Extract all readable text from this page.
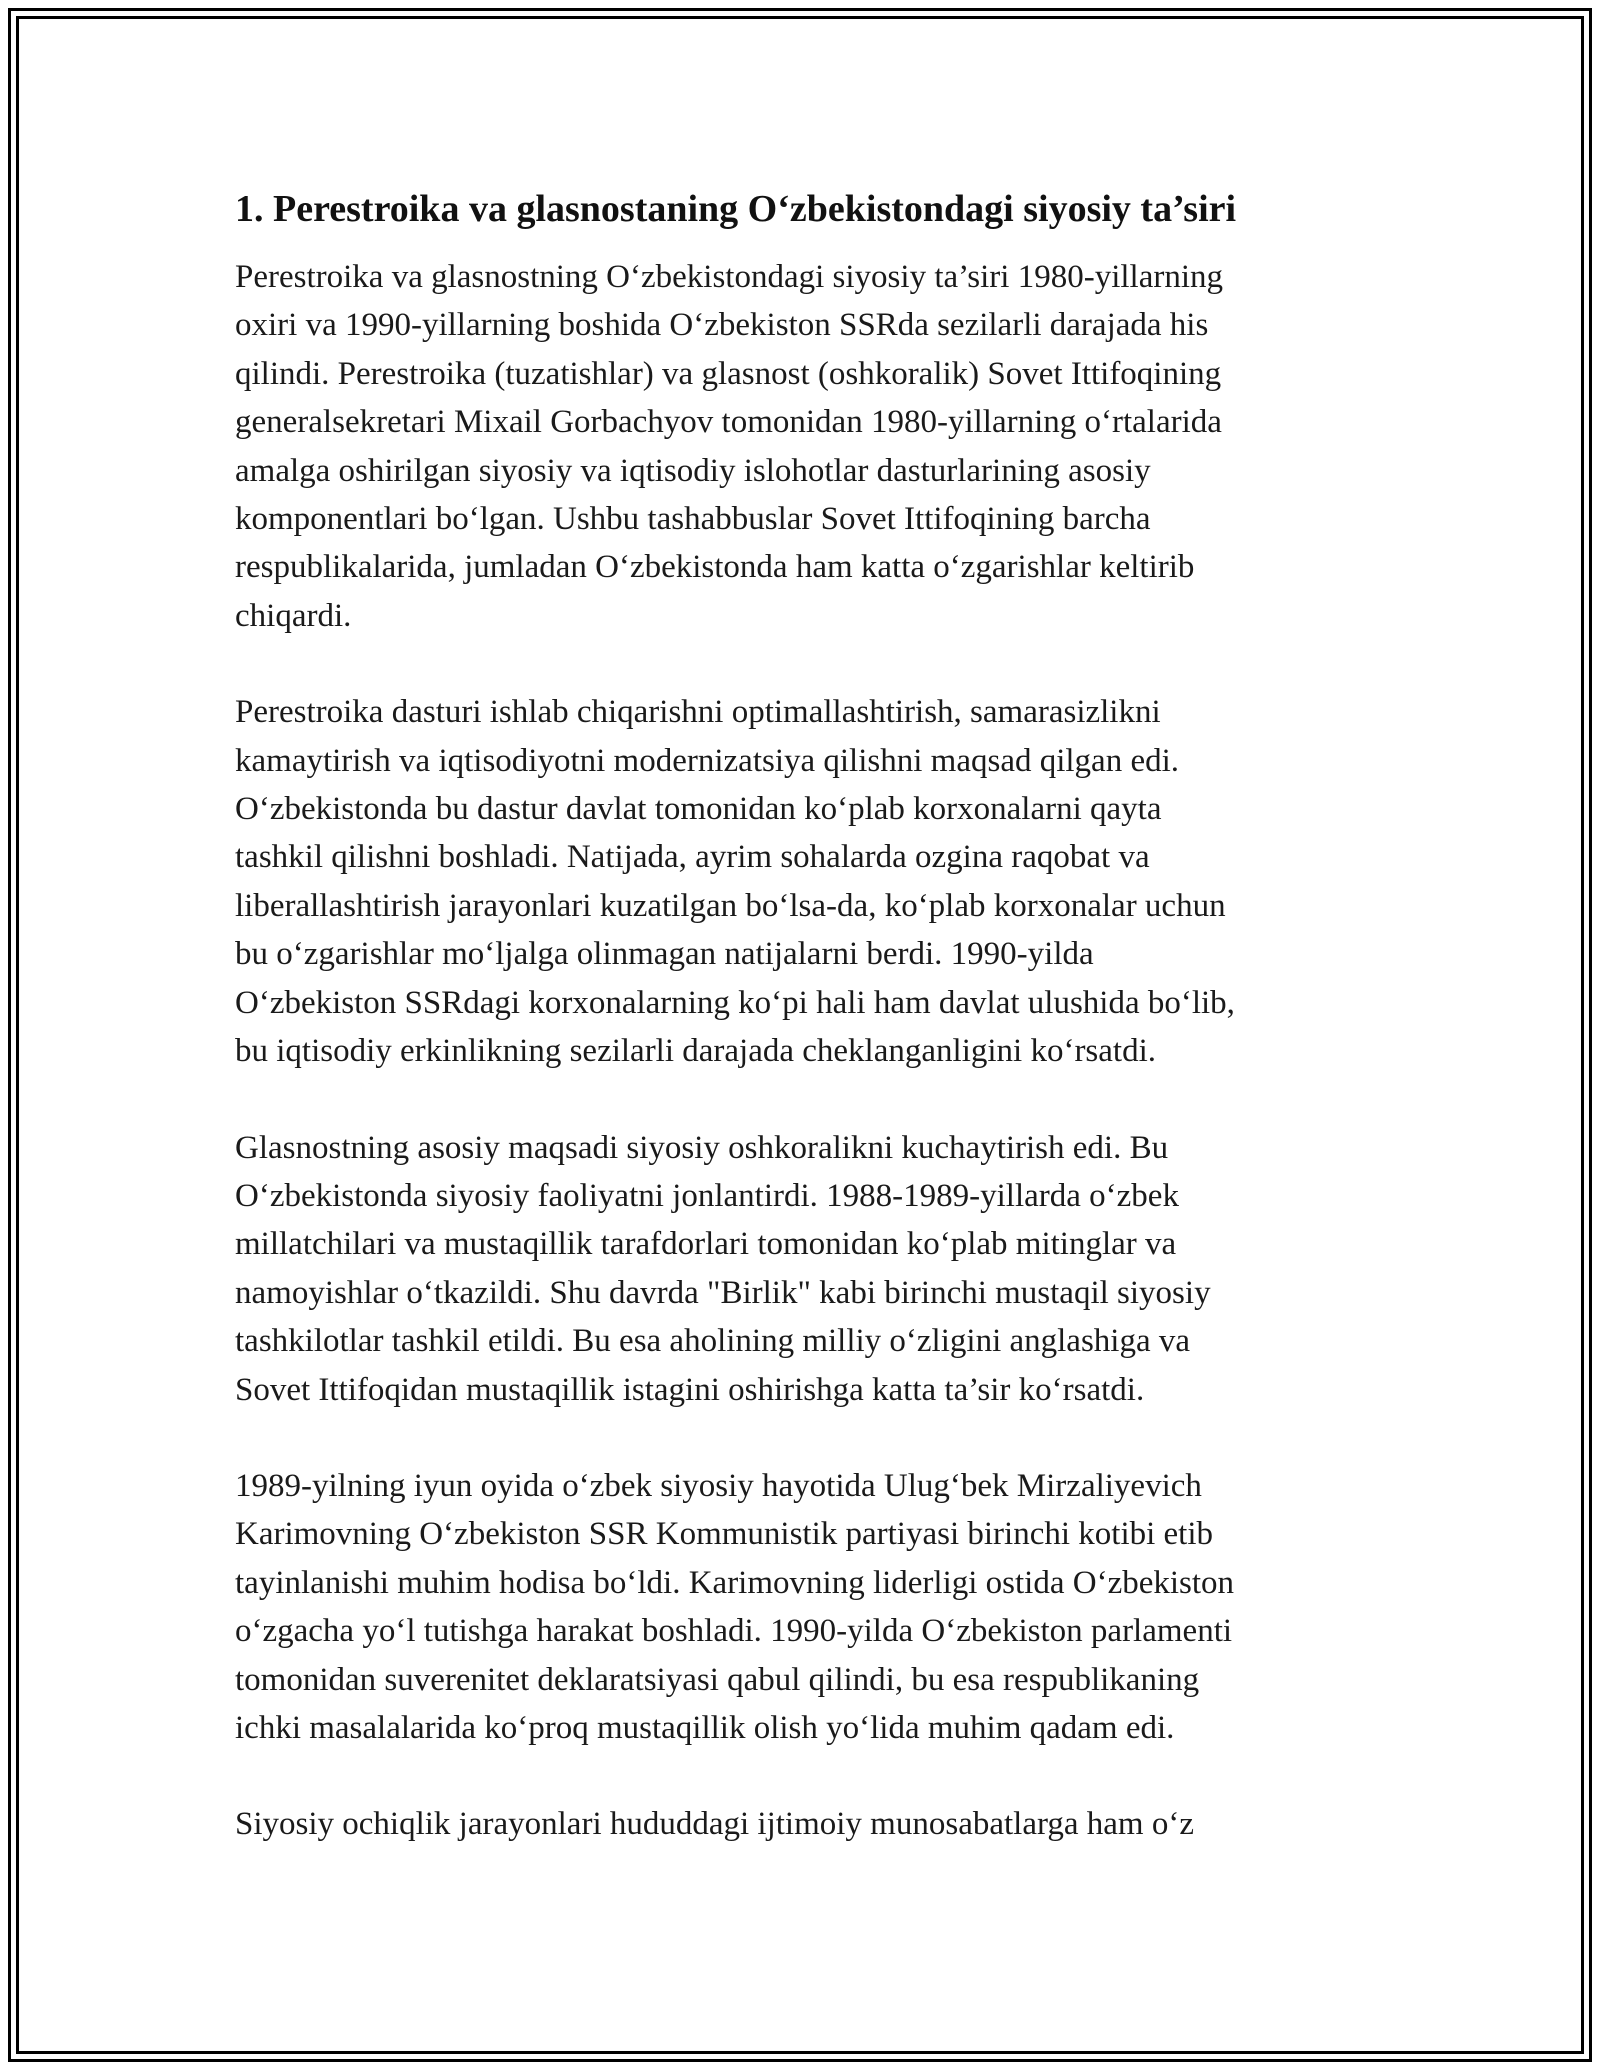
1. Perestroika va glasnostaning O‘zbekistondagi siyosiy ta’siri

Perestroika va glasnostning O‘zbekistondagi siyosiy ta’siri 1980-yillarning
oxiri va 1990-yillarning boshida O‘zbekiston SSRda sezilarli darajada his
qilindi. Perestroika (tuzatishlar) va glasnost (oshkoralik) Sovet Ittifoqining
generalsekretari Mixail Gorbachyov tomonidan 1980-yillarning o‘rtalarida
amalga oshirilgan siyosiy va iqtisodiy islohotlar dasturlarining asosiy
komponentlari bo‘lgan. Ushbu tashabbuslar Sovet Ittifoqining barcha
respublikalarida, jumladan O‘zbekistonda ham katta o‘zgarishlar keltirib
chiqardi.

Perestroika dasturi ishlab chiqarishni optimallashtirish, samarasizlikni
kamaytirish va iqtisodiyotni modernizatsiya qilishni maqsad qilgan edi.
O‘zbekistonda bu dastur davlat tomonidan ko‘plab korxonalarni qayta
tashkil qilishni boshladi. Natijada, ayrim sohalarda ozgina raqobat va
liberallashtirish jarayonlari kuzatilgan bo‘lsa-da, ko‘plab korxonalar uchun
bu o‘zgarishlar mo‘ljalga olinmagan natijalarni berdi. 1990-yilda
O‘zbekiston SSRdagi korxonalarning ko‘pi hali ham davlat ulushida bo‘lib,
bu iqtisodiy erkinlikning sezilarli darajada cheklanganligini ko‘rsatdi.

Glasnostning asosiy maqsadi siyosiy oshkoralikni kuchaytirish edi. Bu
O‘zbekistonda siyosiy faoliyatni jonlantirdi. 1988-1989-yillarda o‘zbek
millatchilari va mustaqillik tarafdorlari tomonidan ko‘plab mitinglar va
namoyishlar o‘tkazildi. Shu davrda "Birlik" kabi birinchi mustaqil siyosiy
tashkilotlar tashkil etildi. Bu esa aholining milliy o‘zligini anglashiga va
Sovet Ittifoqidan mustaqillik istagini oshirishga katta ta’sir ko‘rsatdi.

1989-yilning iyun oyida o‘zbek siyosiy hayotida Ulug‘bek Mirzaliyevich
Karimovning O‘zbekiston SSR Kommunistik partiyasi birinchi kotibi etib
tayinlanishi muhim hodisa bo‘ldi. Karimovning liderligi ostida O‘zbekiston
o‘zgacha yo‘l tutishga harakat boshladi. 1990-yilda O‘zbekiston parlamenti
tomonidan suverenitet deklaratsiyasi qabul qilindi, bu esa respublikaning
ichki masalalarida ko‘proq mustaqillik olish yo‘lida muhim qadam edi.

Siyosiy ochiqlik jarayonlari hududdagi ijtimoiy munosabatlarga ham o‘z
